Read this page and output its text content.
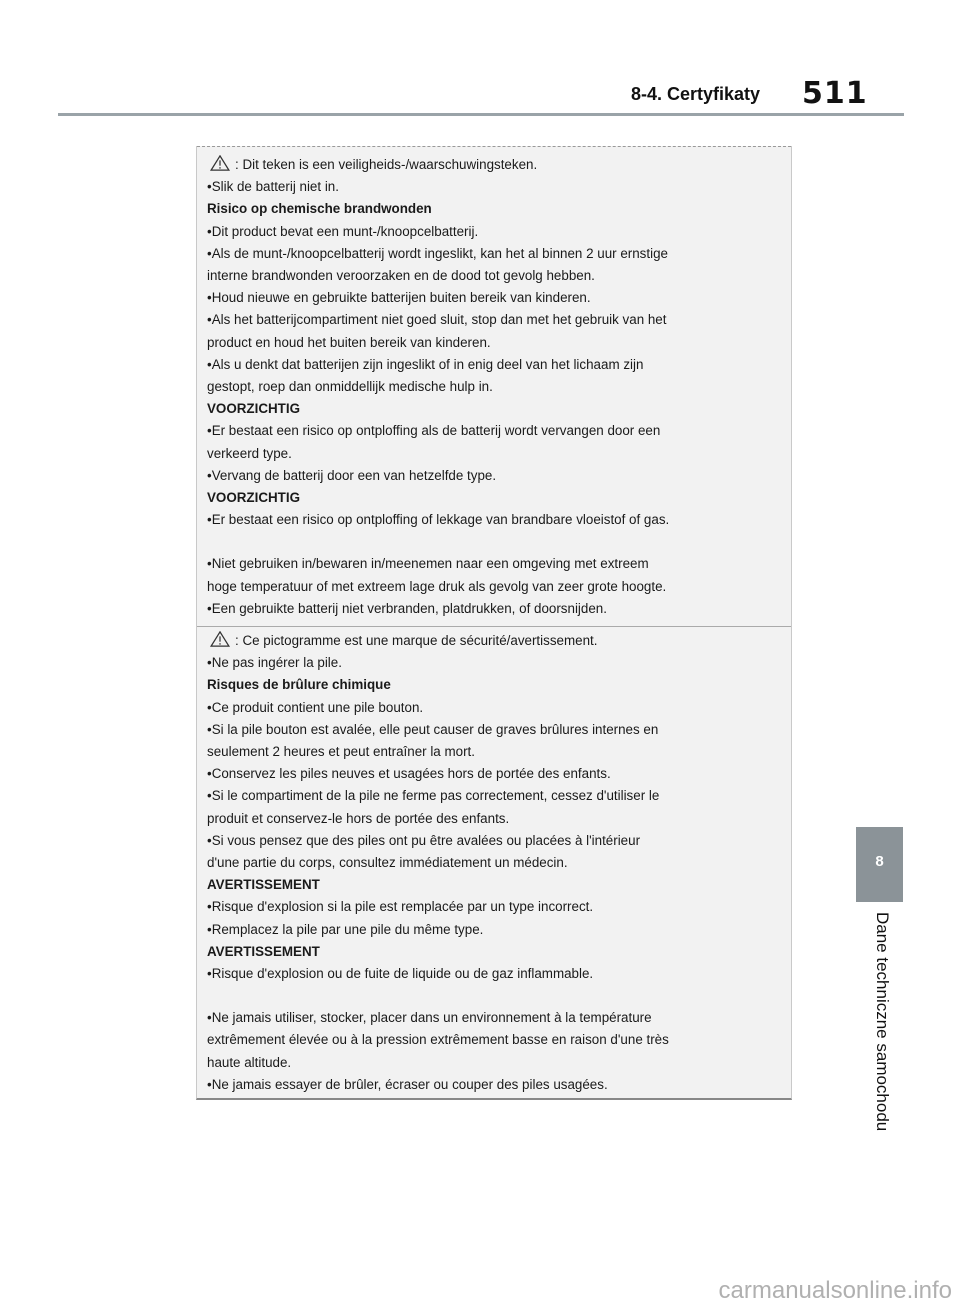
8-4. Certyfikaty 511
: Dit teken is een veiligheids-/waarschuwingsteken.
•Slik de batterij niet in.
Risico op chemische brandwonden
•Dit product bevat een munt-/knoopcelbatterij.
•Als de munt-/knoopcelbatterij wordt ingeslikt, kan het al binnen 2 uur ernstige
interne brandwonden veroorzaken en de dood tot gevolg hebben.
•Houd nieuwe en gebruikte batterijen buiten bereik van kinderen.
•Als het batterijcompartiment niet goed sluit, stop dan met het gebruik van het
product en houd het buiten bereik van kinderen.
•Als u denkt dat batterijen zijn ingeslikt of in enig deel van het lichaam zijn
gestopt, roep dan onmiddellijk medische hulp in.
VOORZICHTIG
•Er bestaat een risico op ontploffing als de batterij wordt vervangen door een
verkeerd type.
•Vervang de batterij door een van hetzelfde type.
VOORZICHTIG
•Er bestaat een risico op ontploffing of lekkage van brandbare vloeistof of gas.
•Niet gebruiken in/bewaren in/meenemen naar een omgeving met extreem
hoge temperatuur of met extreem lage druk als gevolg van zeer grote hoogte.
•Een gebruikte batterij niet verbranden, platdrukken, of doorsnijden.
: Ce pictogramme est une marque de sécurité/avertissement.
•Ne pas ingérer la pile.
Risques de brûlure chimique
•Ce produit contient une pile bouton.
•Si la pile bouton est avalée, elle peut causer de graves brûlures internes en
seulement 2 heures et peut entraîner la mort.
•Conservez les piles neuves et usagées hors de portée des enfants.
•Si le compartiment de la pile ne ferme pas correctement, cessez d'utiliser le
produit et conservez-le hors de portée des enfants.
•Si vous pensez que des piles ont pu être avalées ou placées à l'intérieur
d'une partie du corps, consultez immédiatement un médecin.
AVERTISSEMENT
•Risque d'explosion si la pile est remplacée par un type incorrect.
•Remplacez la pile par une pile du même type.
AVERTISSEMENT
•Risque d'explosion ou de fuite de liquide ou de gaz inflammable.
•Ne jamais utiliser, stocker, placer dans un environnement à la température
extrêmement élevée ou à la pression extrêmement basse en raison d'une très
haute altitude.
•Ne jamais essayer de brûler, écraser ou couper des piles usagées.
8
Dane techniczne samochodu
carmanualsonline.info
